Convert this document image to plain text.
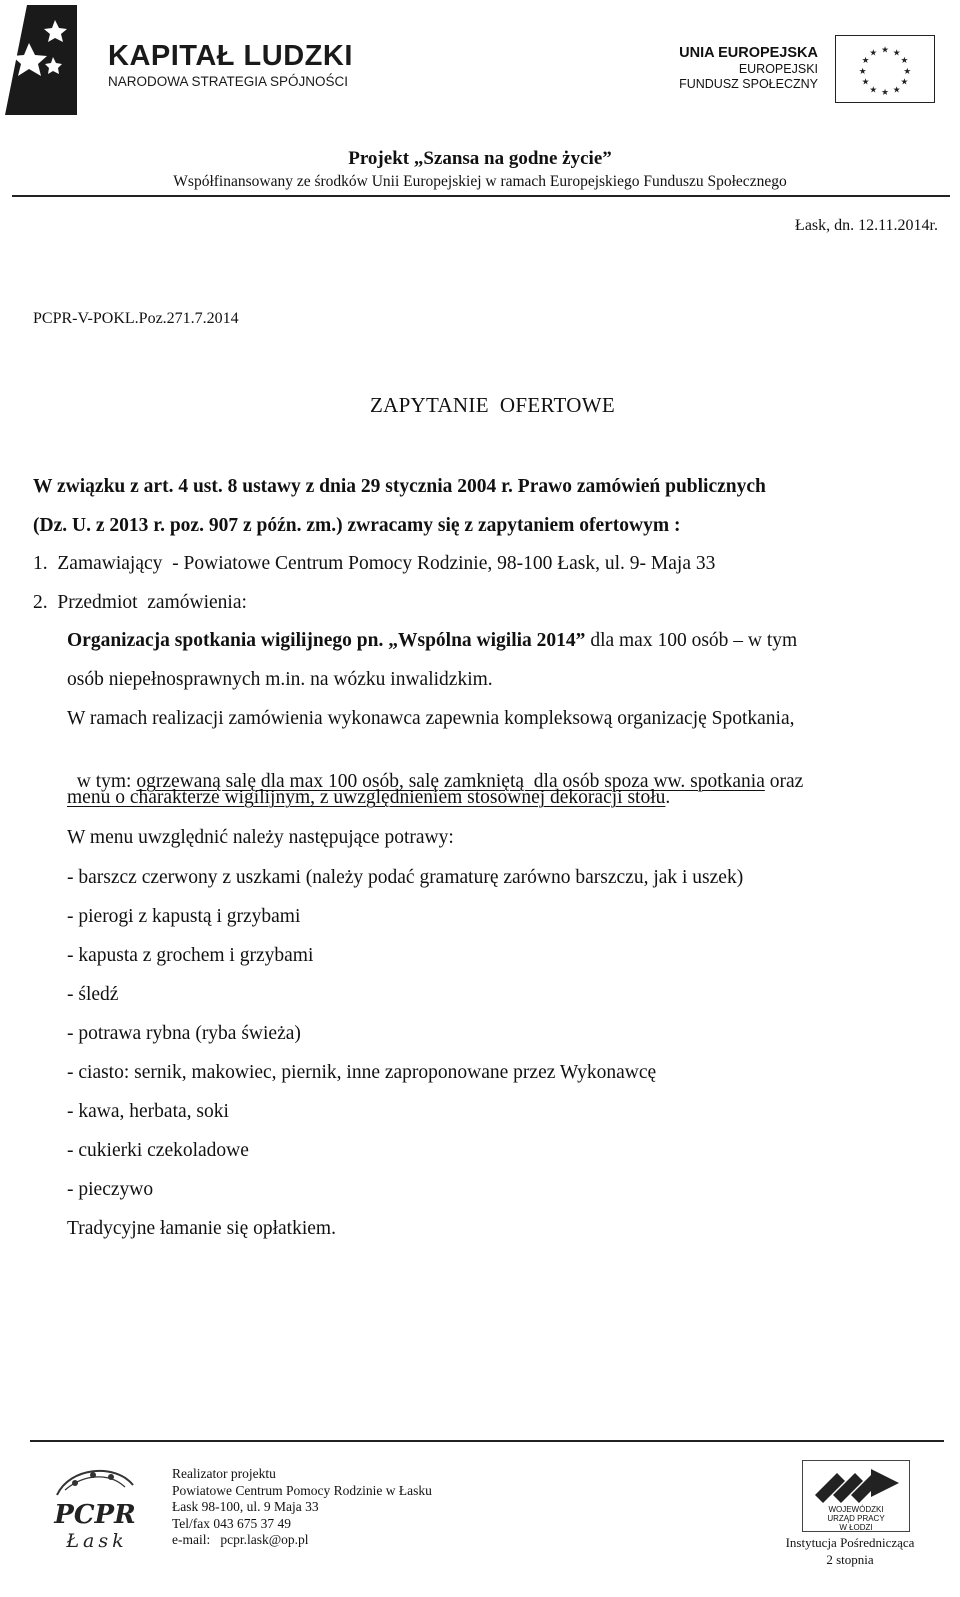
KAPITAŁ LUDZKI
NARODOWA STRATEGIA SPÓJNOŚCI
UNIA EUROPEJSKA
EUROPEJSKI
FUNDUSZ SPOŁECZNY
★ ★
★
★
★
★
★
★
★
★
★
★
Projekt „Szansa na godne życie”
Współfinansowany ze środków Unii Europejskiej w ramach Europejskiego Funduszu Społecznego
Łask, dn. 12.11.2014r.
PCPR-V-POKL.Poz.271.7.2014
ZAPYTANIE  OFERTOWE
W związku z art. 4 ust. 8 ustawy z dnia 29 stycznia 2004 r. Prawo zamówień publicznych
(Dz. U. z 2013 r. poz. 907 z późn. zm.) zwracamy się z zapytaniem ofertowym :
1.  Zamawiający  - Powiatowe Centrum Pomocy Rodzinie, 98-100 Łask, ul. 9- Maja 33
2.  Przedmiot  zamówienia:
Organizacja spotkania wigilijnego pn. „Wspólna wigilia 2014” dla max 100 osób – w tym
osób niepełnosprawnych m.in. na wózku inwalidzkim.
W ramach realizacji zamówienia wykonawca zapewnia kompleksową organizację Spotkania,

w tym: ogrzewaną salę dla max 100 osób, salę zamkniętą  dla osób spoza ww. spotkania oraz

menu o charakterze wigilijnym, z uwzględnieniem stosownej dekoracji stołu.
W menu uwzględnić należy następujące potrawy:
- barszcz czerwony z uszkami (należy podać gramaturę zarówno barszczu, jak i uszek)
- pierogi z kapustą i grzybami
- kapusta z grochem i grzybami
- śledź
- potrawa rybna (ryba świeża)
- ciasto: sernik, makowiec, piernik, inne zaproponowane przez Wykonawcę
- kawa, herbata, soki
- cukierki czekoladowe
- pieczywo
Tradycyjne łamanie się opłatkiem.
PCPR
Łask
Realizator projektu
Powiatowe Centrum Pomocy Rodzinie w Łasku
Łask 98-100, ul. 9 Maja 33
Tel/fax 043 675 37 49
e-mail:   pcpr.lask@op.pl
WOJEWÓDZKI
URZĄD PRACY
W ŁODZI
Instytucja Pośrednicząca
2 stopnia
